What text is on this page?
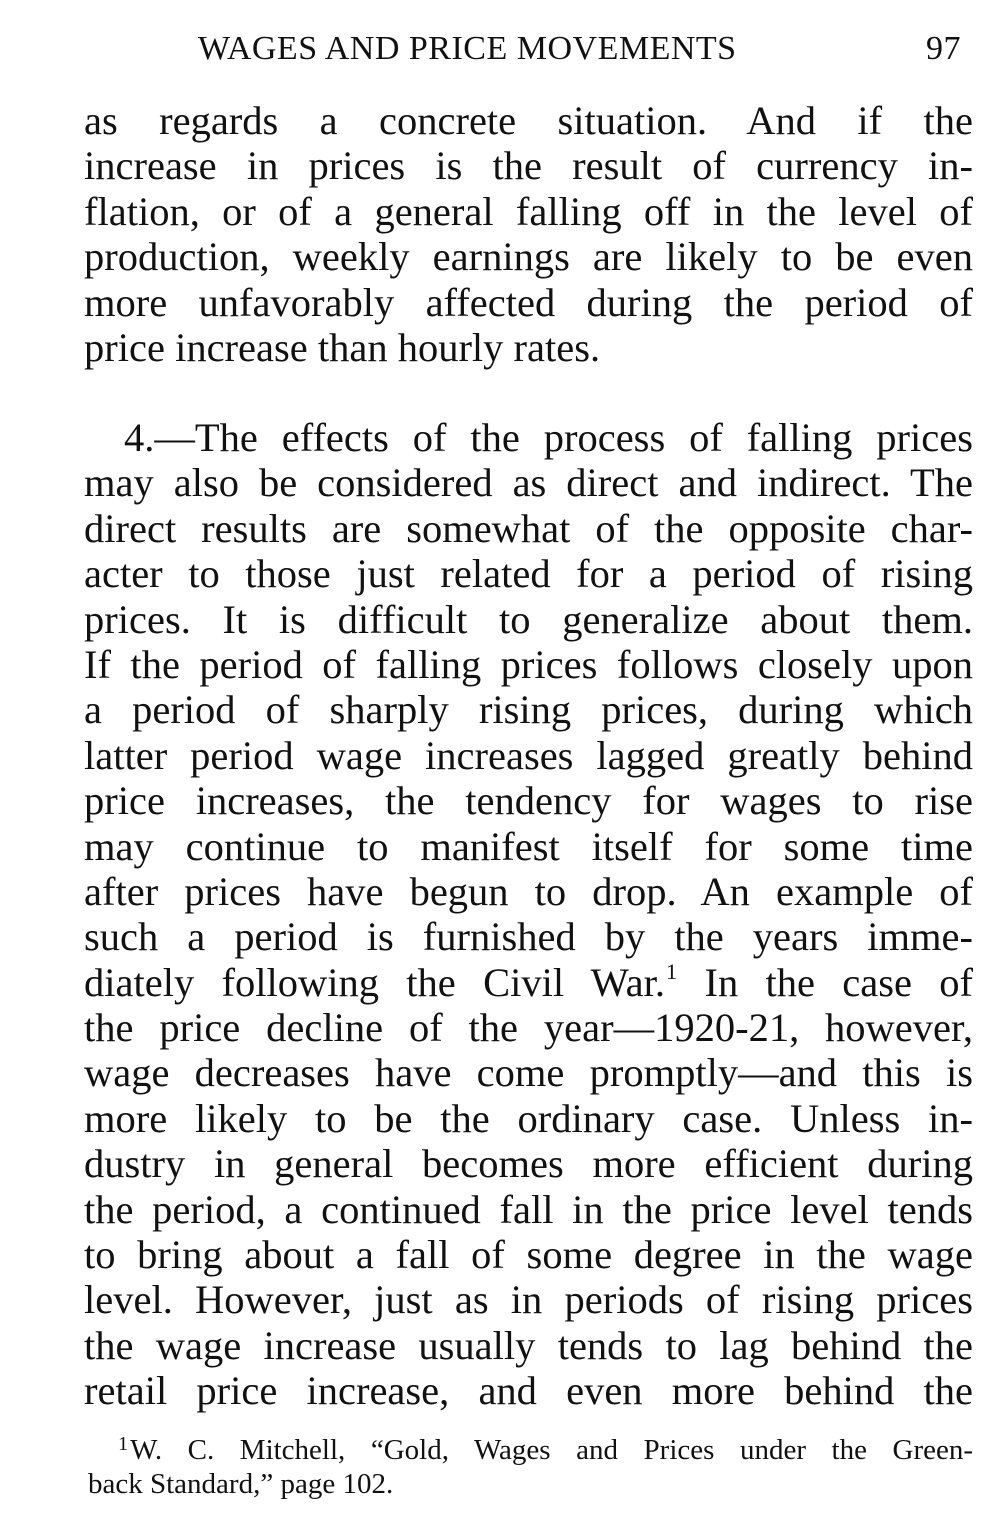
WAGES AND PRICE MOVEMENTS	97
as regards a concrete situation. And if the
increase in prices is the result of currency in-
flation, or of a general falling off in the level of
production, weekly earnings are likely to be even
more unfavorably affected during the period of
price increase than hourly rates.
4.—The effects of the process of falling prices
may also be considered as direct and indirect. The
direct results are somewhat of the opposite char-
acter to those just related for a period of rising
prices. It is difficult to generalize about them.
If the period of falling prices follows closely upon
a period of sharply rising prices, during which
latter period wage increases lagged greatly behind
price increases, the tendency for wages to rise
may continue to manifest itself for some time
after prices have begun to drop. An example of
such a period is furnished by the years imme-
diately following the Civil War.$^1$ In the case of
the price decline of the year—1920-21, however,
wage decreases have come promptly—and this is
more likely to be the ordinary case. Unless in-
dustry in general becomes more efficient during
the period, a continued fall in the price level tends
to bring about a fall of some degree in the wage
level. However, just as in periods of rising prices
the wage increase usually tends to lag behind the
retail price increase, and even more behind the
$^1$W. C. Mitchell, “Gold, Wages and Prices under the Green-
back Standard,” page 102.
